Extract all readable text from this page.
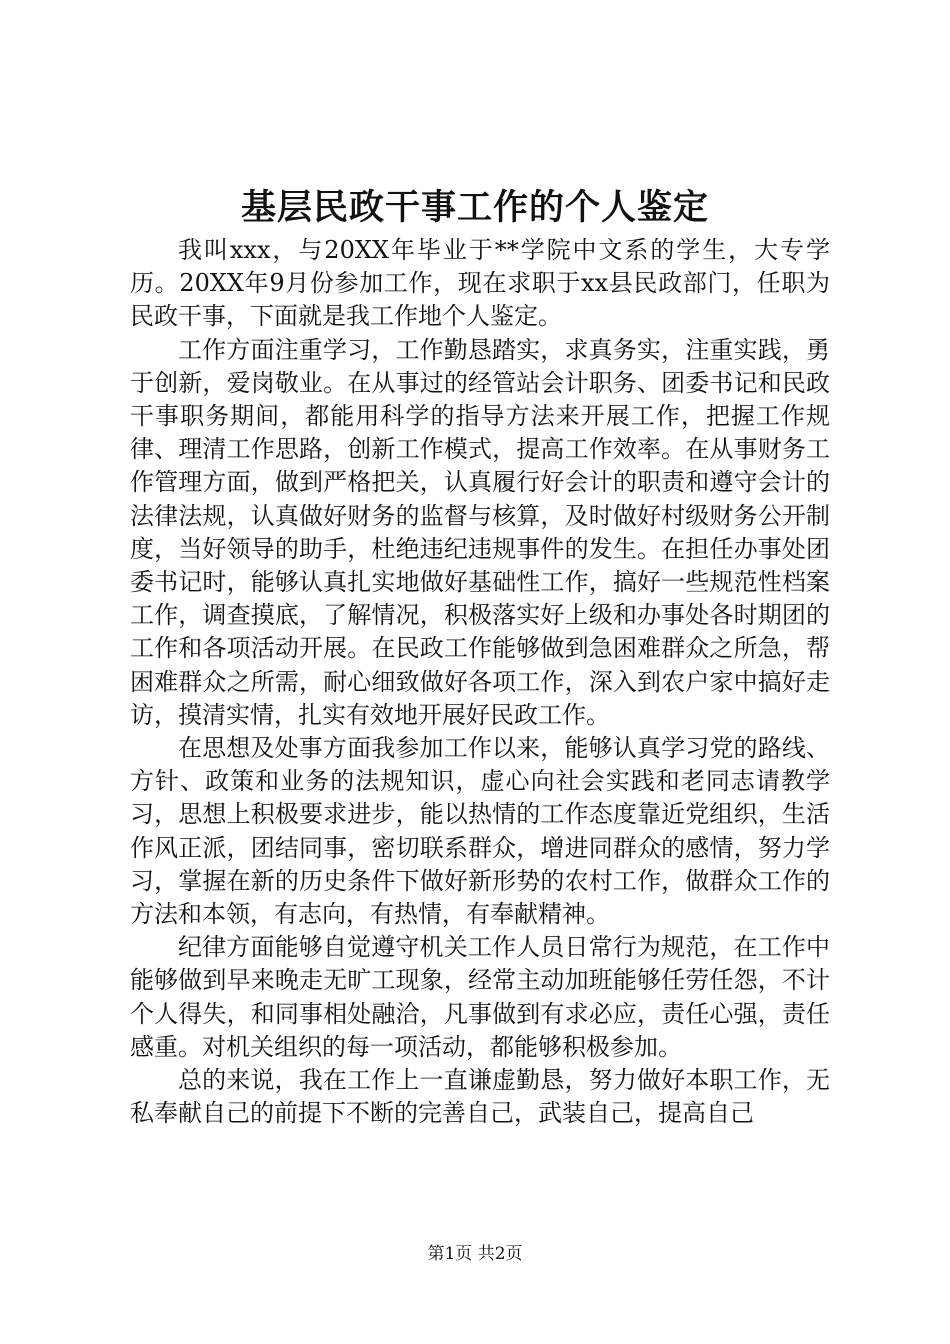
基层民政干事工作的个人鉴定

我叫xxx，与20XX年毕业于**学院中文系的学生，大专学历。20XX年9月份参加工作，现在求职于xx县民政部门，任职为民政干事，下面就是我工作地个人鉴定。

工作方面注重学习，工作勤恳踏实，求真务实，注重实践，勇于创新，爱岗敬业。在从事过的经管站会计职务、团委书记和民政干事职务期间，都能用科学的指导方法来开展工作，把握工作规律、理清工作思路，创新工作模式，提高工作效率。在从事财务工作管理方面，做到严格把关，认真履行好会计的职责和遵守会计的法律法规，认真做好财务的监督与核算，及时做好村级财务公开制度，当好领导的助手，杜绝违纪违规事件的发生。在担任办事处团委书记时，能够认真扎实地做好基础性工作，搞好一些规范性档案工作，调查摸底，了解情况，积极落实好上级和办事处各时期团的工作和各项活动开展。在民政工作能够做到急困难群众之所急，帮困难群众之所需，耐心细致做好各项工作，深入到农户家中搞好走访，摸清实情，扎实有效地开展好民政工作。

在思想及处事方面我参加工作以来，能够认真学习党的路线、方针、政策和业务的法规知识，虚心向社会实践和老同志请教学习，思想上积极要求进步，能以热情的工作态度靠近党组织，生活作风正派，团结同事，密切联系群众，增进同群众的感情，努力学习，掌握在新的历史条件下做好新形势的农村工作，做群众工作的方法和本领，有志向，有热情，有奉献精神。

纪律方面能够自觉遵守机关工作人员日常行为规范，在工作中能够做到早来晚走无旷工现象，经常主动加班能够任劳任怨，不计个人得失，和同事相处融洽，凡事做到有求必应，责任心强，责任感重。对机关组织的每一项活动，都能够积极参加。

总的来说，我在工作上一直谦虚勤恳，努力做好本职工作，无私奉献自己的前提下不断的完善自己，武装自己，提高自己

第1页 共2页
